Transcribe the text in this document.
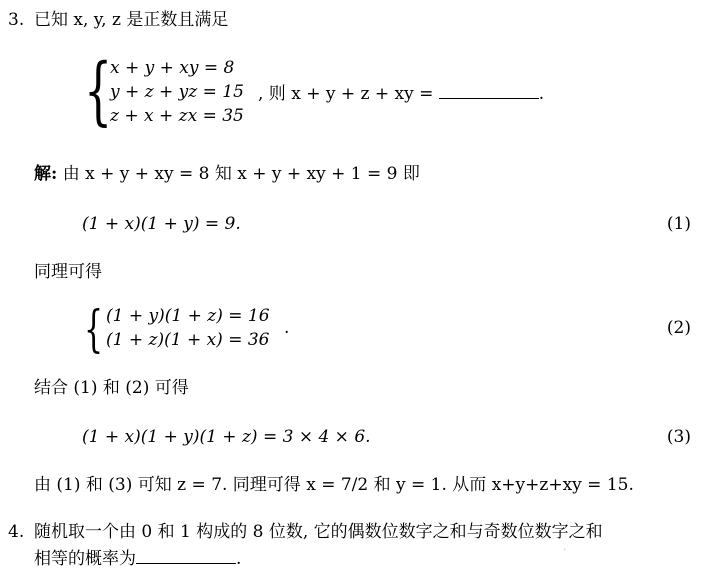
3. 已知 x, y, z 是正数且满足
{
x + y + xy = 8
y + z + yz = 15
z + x + zx = 35
, 则 x + y + z + xy =	.
解: 由 x + y + xy = 8 知 x + y + xy + 1 = 9 即
(1 + x)(1 + y) = 9.	(1)
同理可得
{ (1 + y)(1 + z) = 16
(1 + z)(1 + x) = 36
.	(2)
结合 (1) 和 (2) 可得
(1 + x)(1 + y)(1 + z) = 3 × 4 × 6.	(3)
由 (1) 和 (3) 可知 z = 7. 同理可得 x = 7/2 和 y = 1. 从而 x+y+z+xy = 15.
4. 随机取一个由 0 和 1 构成的 8 位数, 它的偶数位数字之和与奇数位数字之和
相等的概率为	.	·
